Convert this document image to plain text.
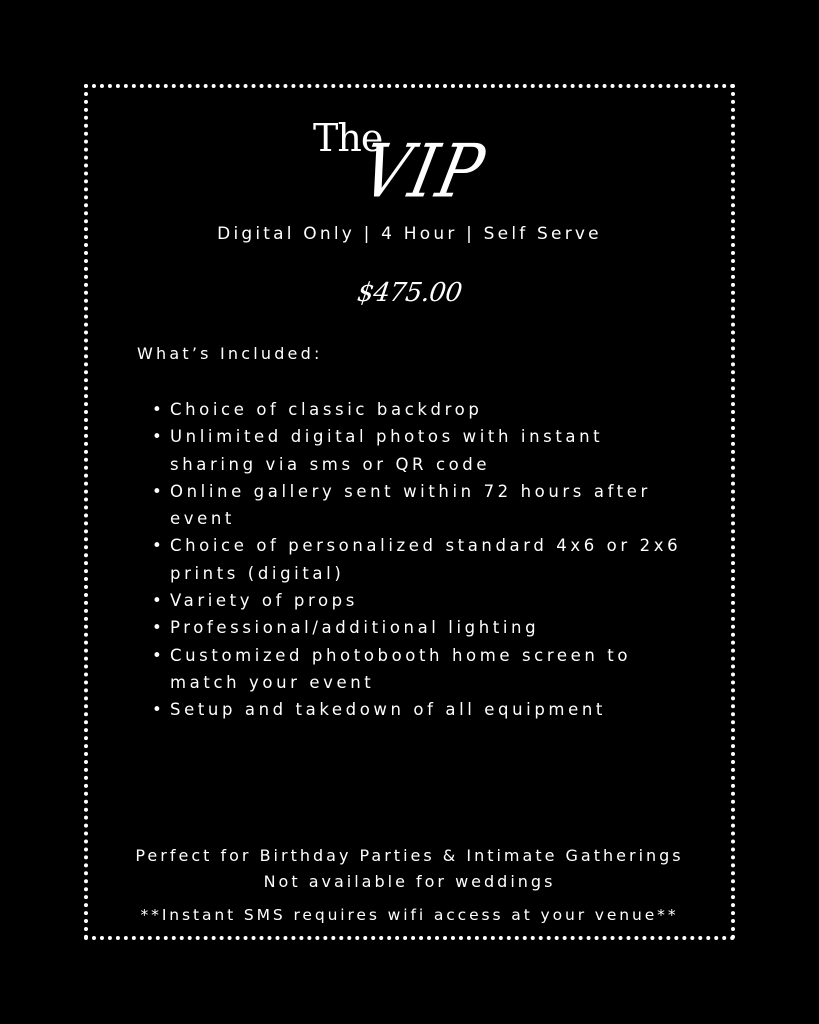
The
VIP
Digital Only | 4 Hour | Self Serve
$475.00
What’s Included:
• Choice of classic backdrop
• Unlimited digital photos with instant sharing via sms or QR code
• Online gallery sent within 72 hours after event
• Choice of personalized standard 4x6 or 2x6 prints (digital)
• Variety of props
• Professional/additional lighting
• Customized photobooth home screen to match your event
• Setup and takedown of all equipment
Perfect for Birthday Parties & Intimate Gatherings
Not available for weddings
**Instant SMS requires wifi access at your venue**
